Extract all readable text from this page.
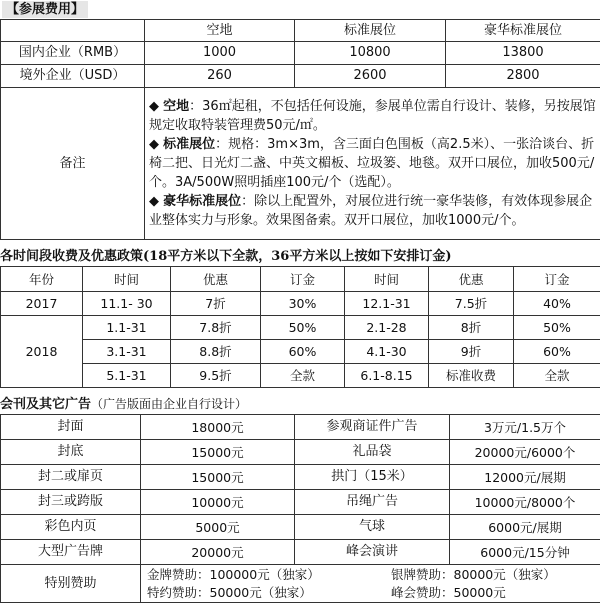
【参展费用】
	空地	标准展位	豪华标准展位
国内企业（RMB）	1000	10800	13800
境外企业（USD）	260	2600	2800
备注	◆ 空地：36㎡起租，不包括任何设施，参展单位需自行设计、装修，另按展馆规定收取特装管理费50元/㎡。
◆ 标准展位：规格：3m×3m，含三面白色围板（高2.5米）、一张洽谈台、折椅二把、日光灯二盏、中英文楣板、垃圾篓、地毯。双开口展位，加收500元/个。3A/500W照明插座100元/个（选配）。
◆ 豪华标准展位：除以上配置外，对展位进行统一豪华装修，有效体现参展企业整体实力与形象。效果图备索。双开口展位，加收1000元/个。		
各时间段收费及优惠政策(18平方米以下全款，36平方米以上按如下安排订金)
年份	时间	优惠	订金	时间	优惠	订金
2017	11.1- 30	7折	30%	12.1-31	7.5折	40%
2018	1.1-31	7.8折	50%	2.1-28	8折	50%
	3.1-31	8.8折	60%	4.1-30	9折	60%
	5.1-31	9.5折	全款	6.1-8.15	标准收费	全款
会刊及其它广告（广告版面由企业自行设计）
封面	18000元	参观商证件广告	3万元/1.5万个
封底	15000元	礼品袋	20000元/6000个
封二或扉页	15000元	拱门（15米）	12000元/展期
封三或跨版	10000元	吊绳广告	10000元/8000个
彩色内页	5000元	气球	6000元/展期
大型广告牌	20000元	峰会演讲	6000元/15分钟
特别赞助	金牌赞助：100000元（独家） 银牌赞助：80000元（独家）
特约赞助：50000元（独家） 峰会赞助：50000元		
